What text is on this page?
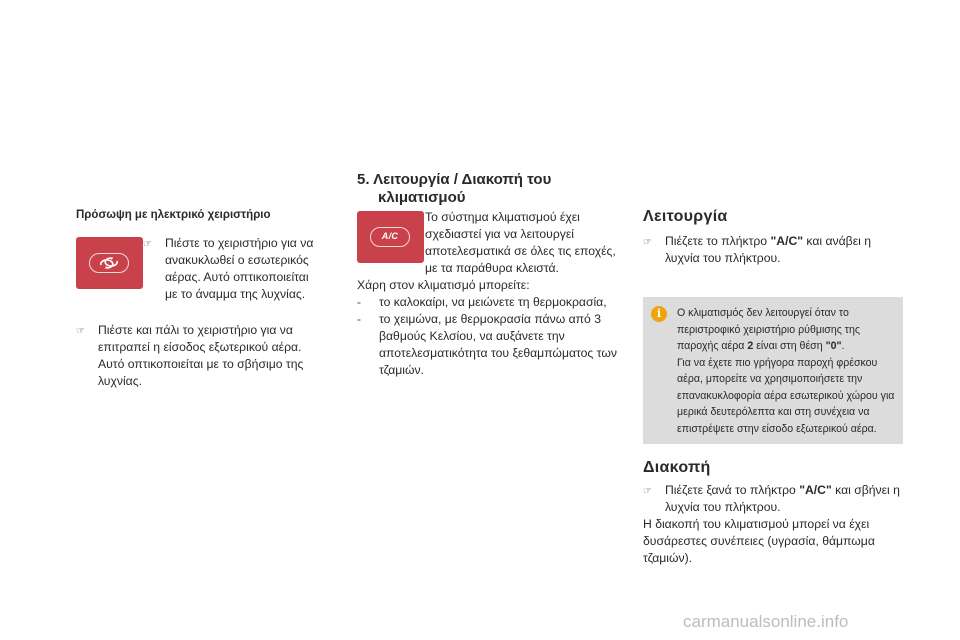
Πρόσωψη με ηλεκτρικό χειριστήριο

☞ Πιέστε το χειριστήριο για να ανακυκλωθεί ο εσωτερικός αέρας. Αυτό οπτικοποιείται με το άναμμα της λυχνίας.
☞ Πιέστε και πάλι το χειριστήριο για να επιτραπεί η είσοδος εξωτερικού αέρα. Αυτό οπτικοποιείται με το σβήσιμο της λυχνίας.

5. Λειτουργία / Διακοπή του

κλιματισμού

A/C

Το σύστημα κλιματισμού έχει σχεδιαστεί για να λειτουργεί αποτελεσματικά σε όλες τις εποχές, με τα παράθυρα κλειστά.

Χάρη στον κλιματισμό μπορείτε:

- το καλοκαίρι, να μειώνετε τη θερμοκρασία,
- το χειμώνα, με θερμοκρασία πάνω από 3 βαθμούς Κελσίου, να αυξάνετε την αποτελεσματικότητα του ξεθαμπώματος των τζαμιών.

Λειτουργία

☞ Πιέζετε το πλήκτρο "A/C" και ανάβει η λυχνία του πλήκτρου.
i	Ο κλιματισμός δεν λειτουργεί όταν το περιστροφικό χειριστήριο ρύθμισης της παροχής αέρα 2 είναι στη θέση "0".
Για να έχετε πιο γρήγορα παροχή φρέσκου αέρα, μπορείτε να χρησιμοποιήσετε την επανακυκλοφορία αέρα εσωτερικού χώρου για μερικά δευτερόλεπτα και στη συνέχεια να επιστρέψετε στην είσοδο εξωτερικού αέρα.

Διακοπή

☞ Πιέζετε ξανά το πλήκτρο "A/C" και σβήνει η λυχνία του πλήκτρου.

Η διακοπή του κλιματισμού μπορεί να έχει δυσάρεστες συνέπειες (υγρασία, θάμπωμα τζαμιών).

carmanualsonline.info
